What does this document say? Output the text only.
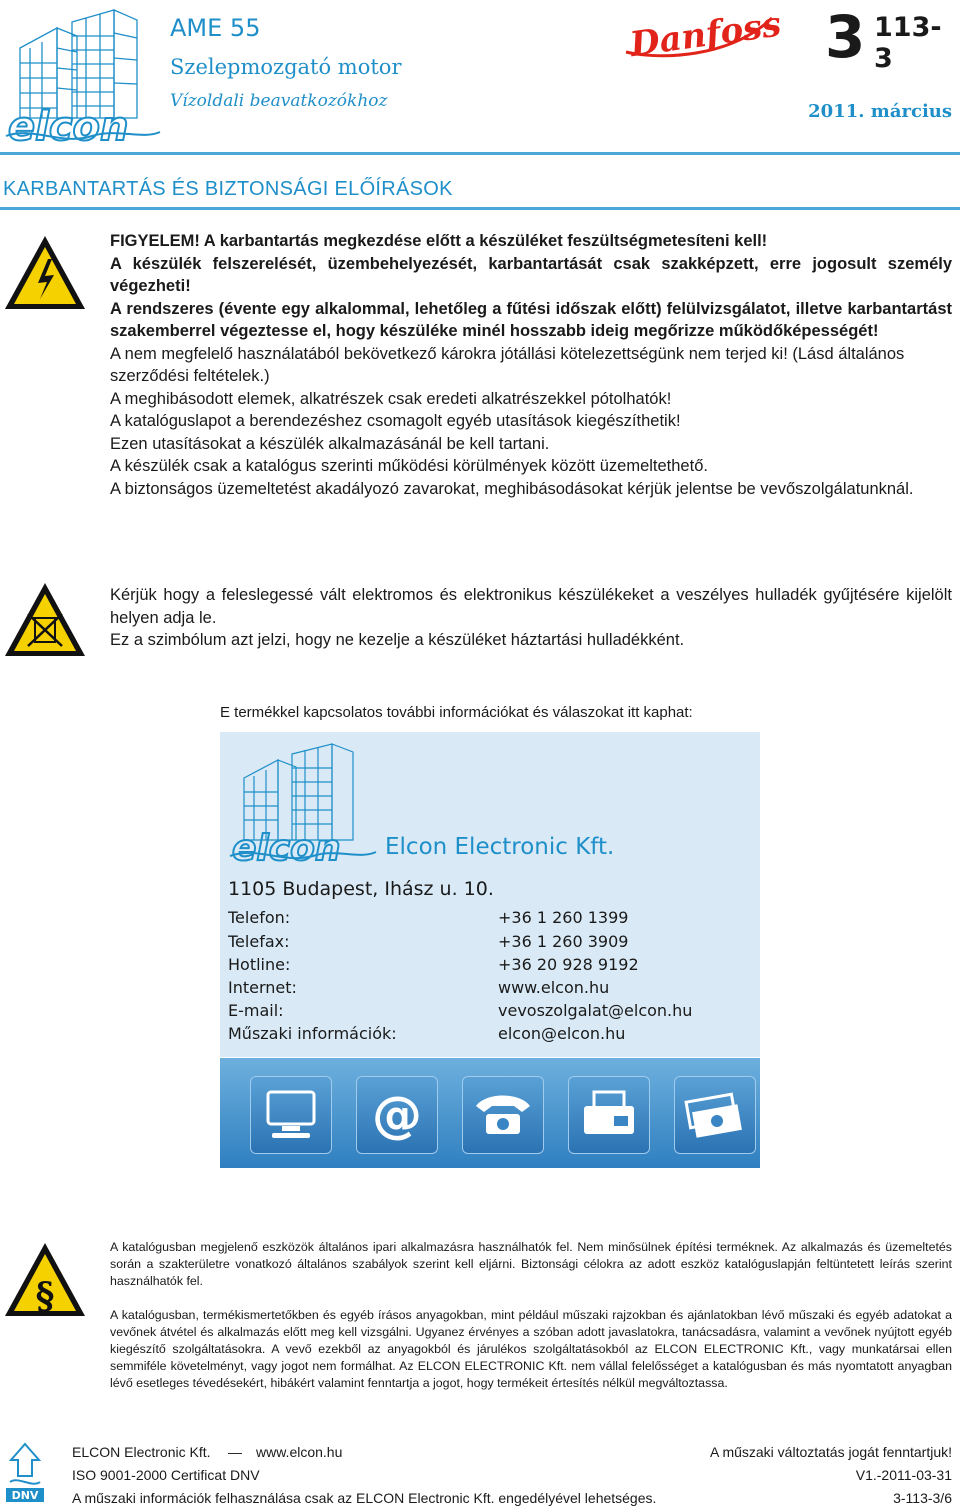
elcon
AME 55
Szelepmozgató motor
Vízoldali beavatkozókhoz
Danfoss 3 113-3
2011. március
KARBANTARTÁS ÉS BIZTONSÁGI ELŐÍRÁSOK

FIGYELEM! A karbantartás megkezdése előtt a készüléket feszültségmetesíteni kell!

A készülék felszerelését, üzembehelyezését, karbantartását csak szakképzett, erre jogosult személy végezheti!

A rendszeres (évente egy alkalommal, lehetőleg a fűtési időszak előtt) felülvizsgálatot, illetve karbantartást szakemberrel végeztesse el, hogy készüléke minél hosszabb ideig megőrizze működőképességét!

A nem megfelelő használatából bekövetkező károkra jótállási kötelezettségünk nem terjed ki! (Lásd általános szerződési feltételek.)

A meghibásodott elemek, alkatrészek csak eredeti alkatrészekkel pótolhatók!

A katalóguslapot a berendezéshez csomagolt egyéb utasítások kiegészíthetik!

Ezen utasításokat a készülék alkalmazásánál be kell tartani.

A készülék csak a katalógus szerinti működési körülmények között üzemeltethető.

A biztonságos üzemeltetést akadályozó zavarokat, meghibásodásokat kérjük jelentse be vevőszolgálatunknál.

Kérjük hogy a feleslegessé vált elektromos és elektronikus készülékeket a veszélyes hulladék gyűjtésére kijelölt helyen adja le.

Ez a szimbólum azt jelzi, hogy ne kezelje a készüléket háztartási hulladékként.

E termékkel kapcsolatos további információkat és válaszokat itt kaphat:
elcon Elcon Electronic Kft.
1105 Budapest, Ihász u. 10.
Telefon:	+36 1 260 1399
Telefax:	+36 1 260 3909
Hotline:	+36 20 928 9192
Internet:	www.elcon.hu
E-mail:	vevoszolgalat@elcon.hu
Műszaki információk:	elcon@elcon.hu
@
§

A katalógusban megjelenő eszközök általános ipari alkalmazásra használhatók fel. Nem minősülnek építési terméknek. Az alkalmazás és üzemeltetés során a szakterületre vonatkozó általános szabályok szerint kell eljárni. Biztonsági célokra az adott eszköz katalóguslapján feltüntetett leírás szerint használhatók fel.

A katalógusban, termékismertetőkben és egyéb írásos anyagokban, mint például műszaki rajzokban és ajánlatokban lévő műszaki és egyéb adatokat a vevőnek átvétel és alkalmazás előtt meg kell vizsgálni. Ugyanez érvényes a szóban adott javaslatokra, tanácsadásra, valamint a vevőnek nyújtott egyéb kiegészítő szolgáltatásokra. A vevő ezekből az anyagokból és járulékos szolgáltatásokból az ELCON ELECTRONIC Kft., vagy munkatársai ellen semmiféle követelményt, vagy jogot nem formálhat. Az ELCON ELECTRONIC Kft. nem vállal felelősséget a katalógusban és más nyomtatott anyagban lévő esetleges tévedésekért, hibákért valamint fenntartja a jogot, hogy termékeit értesítés nélkül megváltoztassa.

DNV
ELCON Electronic Kft. — www.elcon.hu	A műszaki változtatás jogát fenntartjuk!
ISO 9001-2000 Certificat DNV	V1.-2011-03-31
A műszaki információk felhasználása csak az ELCON Electronic Kft. engedélyével lehetséges.	3-113-3/6
